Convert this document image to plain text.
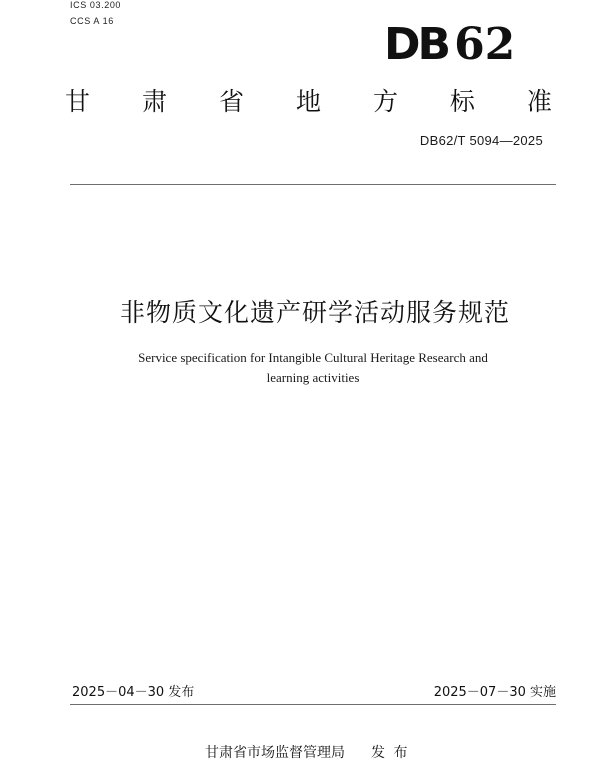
ICS 03.200
CCS A 16	DB 62
甘 肃 省 地 方 标 准
DB62/T 5094—2025
非物质文化遗产研学活动服务规范
Service specification for Intangible Cultural Heritage Research and
learning activities
2025－04－30 发布	2025－07－30 实施
甘肃省市场监督管理局 发 布
